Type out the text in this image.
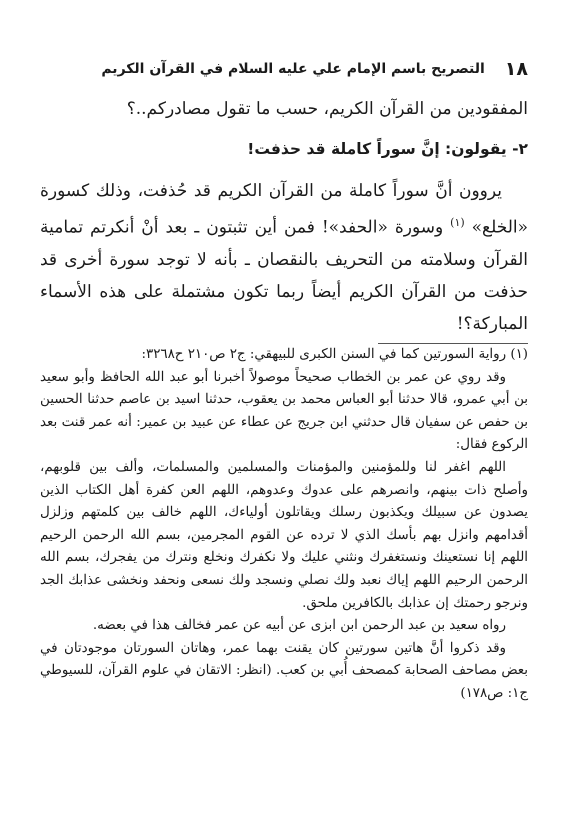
١٨
التصريح باسم الإمام علي عليه السلام في القرآن الكريم

المفقودين من القرآن الكريم، حسب ما تقول مصادركم..؟

٢- يقولون: إنَّ سوراً كاملة قد حذفت!

يروون أنَّ سوراً كاملة من القرآن الكريم قد حُذفت، وذلك كسورة «الخلع» $^{(١)}$ وسورة «الحفد»! فمن أين تثبتون ـ بعد أنْ أنكرتم تمامية القرآن وسلامته من التحريف بالنقصان ـ بأنه لا توجد سورة أخرى قد حذفت من القرآن الكريم أيضاً ربما تكون مشتملة على هذه الأسماء المباركة؟!

(١) رواية السورتين كما في السنن الكبرى للبيهقي: ج٢ ص٢١٠ ح٣٢٦٨:

وقد روي عن عمر بن الخطاب صحيحاً موصولاً أخبرنا أبو عبد الله الحافظ وأبو سعيد بن أبي عمرو، قالا حدثنا أبو العباس محمد بن يعقوب، حدثنا اسيد بن عاصم حدثنا الحسين بن حفص عن سفيان قال حدثني ابن جريج عن عطاء عن عبيد بن عمير: أنه عمر قنت بعد الركوع فقال:

اللهم اغفر لنا وللمؤمنين والمؤمنات والمسلمين والمسلمات، وألف بين قلوبهم، وأصلح ذات بينهم، وانصرهم على عدوك وعدوهم، اللهم العن كفرة أهل الكتاب الذين يصدون عن سبيلك ويكذبون رسلك ويقاتلون أولياءك، اللهم خالف بين كلمتهم وزلزل أقدامهم وانزل بهم بأسك الذي لا ترده عن القوم المجرمين، بسم الله الرحمن الرحيم اللهم إنا نستعينك ونستغفرك ونثني عليك ولا نكفرك ونخلع ونترك من يفجرك، بسم الله الرحمن الرحيم اللهم إياك نعبد ولك نصلي ونسجد ولك نسعى ونحفد ونخشى عذابك الجد ونرجو رحمتك إن عذابك بالكافرين ملحق.

رواه سعيد بن عبد الرحمن ابن ابزى عن أبيه عن عمر فخالف هذا في بعضه.

وقد ذكروا أنَّ هاتين سورتين كان يقنت بهما عمر، وهاتان السورتان موجودتان في بعض مصاحف الصحابة كمصحف أُبي بن كعب. (انظر: الاتقان في علوم القرآن، للسيوطي ج١: ص١٧٨)
